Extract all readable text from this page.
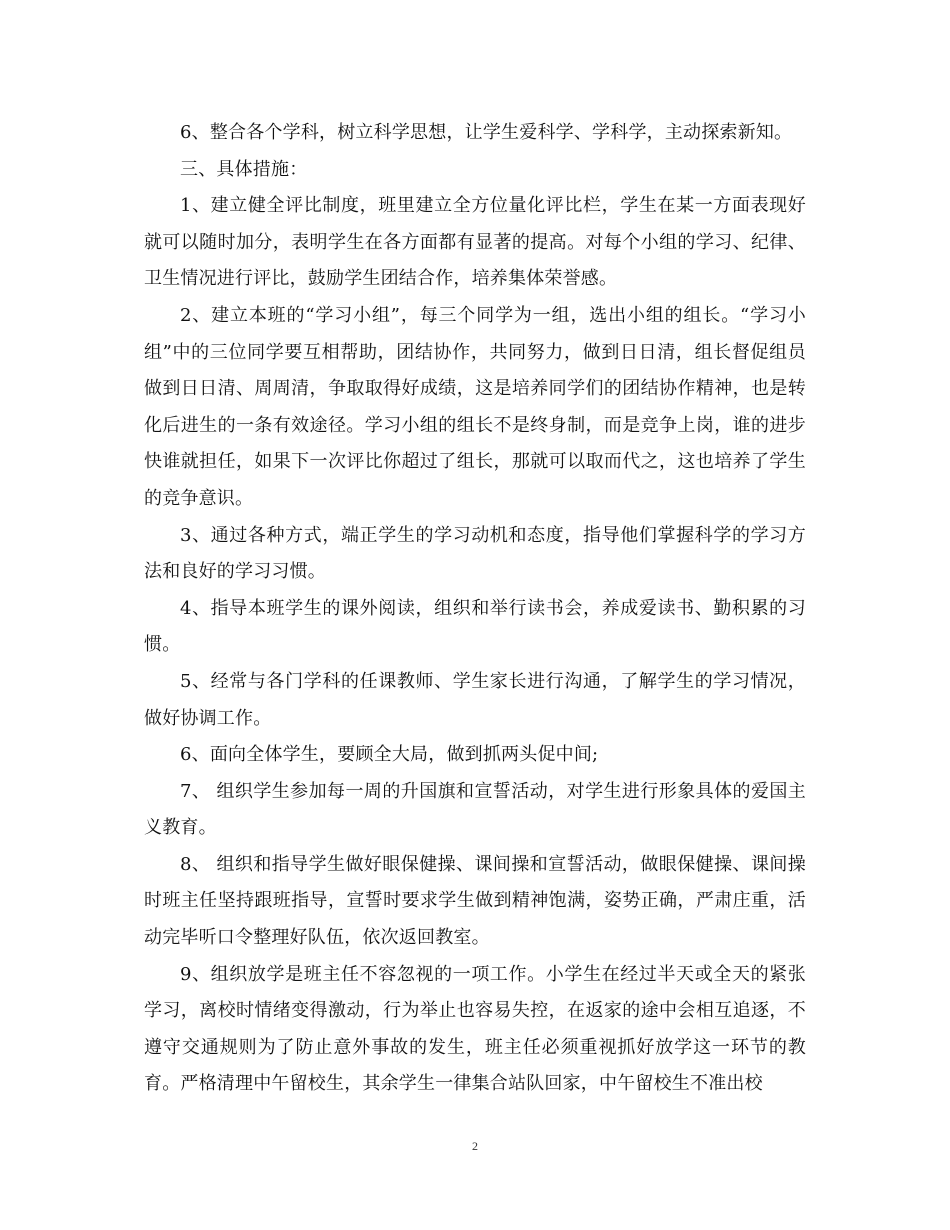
6、整合各个学科，树立科学思想，让学生爱科学、学科学，主动探索新知。

三、具体措施：

1、建立健全评比制度，班里建立全方位量化评比栏，学生在某一方面表现好就可以随时加分，表明学生在各方面都有显著的提高。对每个小组的学习、纪律、卫生情况进行评比，鼓励学生团结合作，培养集体荣誉感。

2、建立本班的“学习小组”，每三个同学为一组，选出小组的组长。“学习小组”中的三位同学要互相帮助，团结协作，共同努力，做到日日清，组长督促组员做到日日清、周周清，争取取得好成绩，这是培养同学们的团结协作精神，也是转化后进生的一条有效途径。学习小组的组长不是终身制，而是竞争上岗，谁的进步快谁就担任，如果下一次评比你超过了组长，那就可以取而代之，这也培养了学生的竞争意识。

3、通过各种方式，端正学生的学习动机和态度，指导他们掌握科学的学习方法和良好的学习习惯。

4、指导本班学生的课外阅读，组织和举行读书会，养成爱读书、勤积累的习惯。

5、经常与各门学科的任课教师、学生家长进行沟通，了解学生的学习情况，做好协调工作。

6、面向全体学生，要顾全大局，做到抓两头促中间;

7、 组织学生参加每一周的升国旗和宣誓活动，对学生进行形象具体的爱国主义教育。

8、 组织和指导学生做好眼保健操、课间操和宣誓活动，做眼保健操、课间操时班主任坚持跟班指导，宣誓时要求学生做到精神饱满，姿势正确，严肃庄重，活动完毕听口令整理好队伍，依次返回教室。

9、组织放学是班主任不容忽视的一项工作。小学生在经过半天或全天的紧张学习，离校时情绪变得激动，行为举止也容易失控，在返家的途中会相互追逐，不遵守交通规则为了防止意外事故的发生，班主任必须重视抓好放学这一环节的教育。严格清理中午留校生，其余学生一律集合站队回家，中午留校生不准出校

2
